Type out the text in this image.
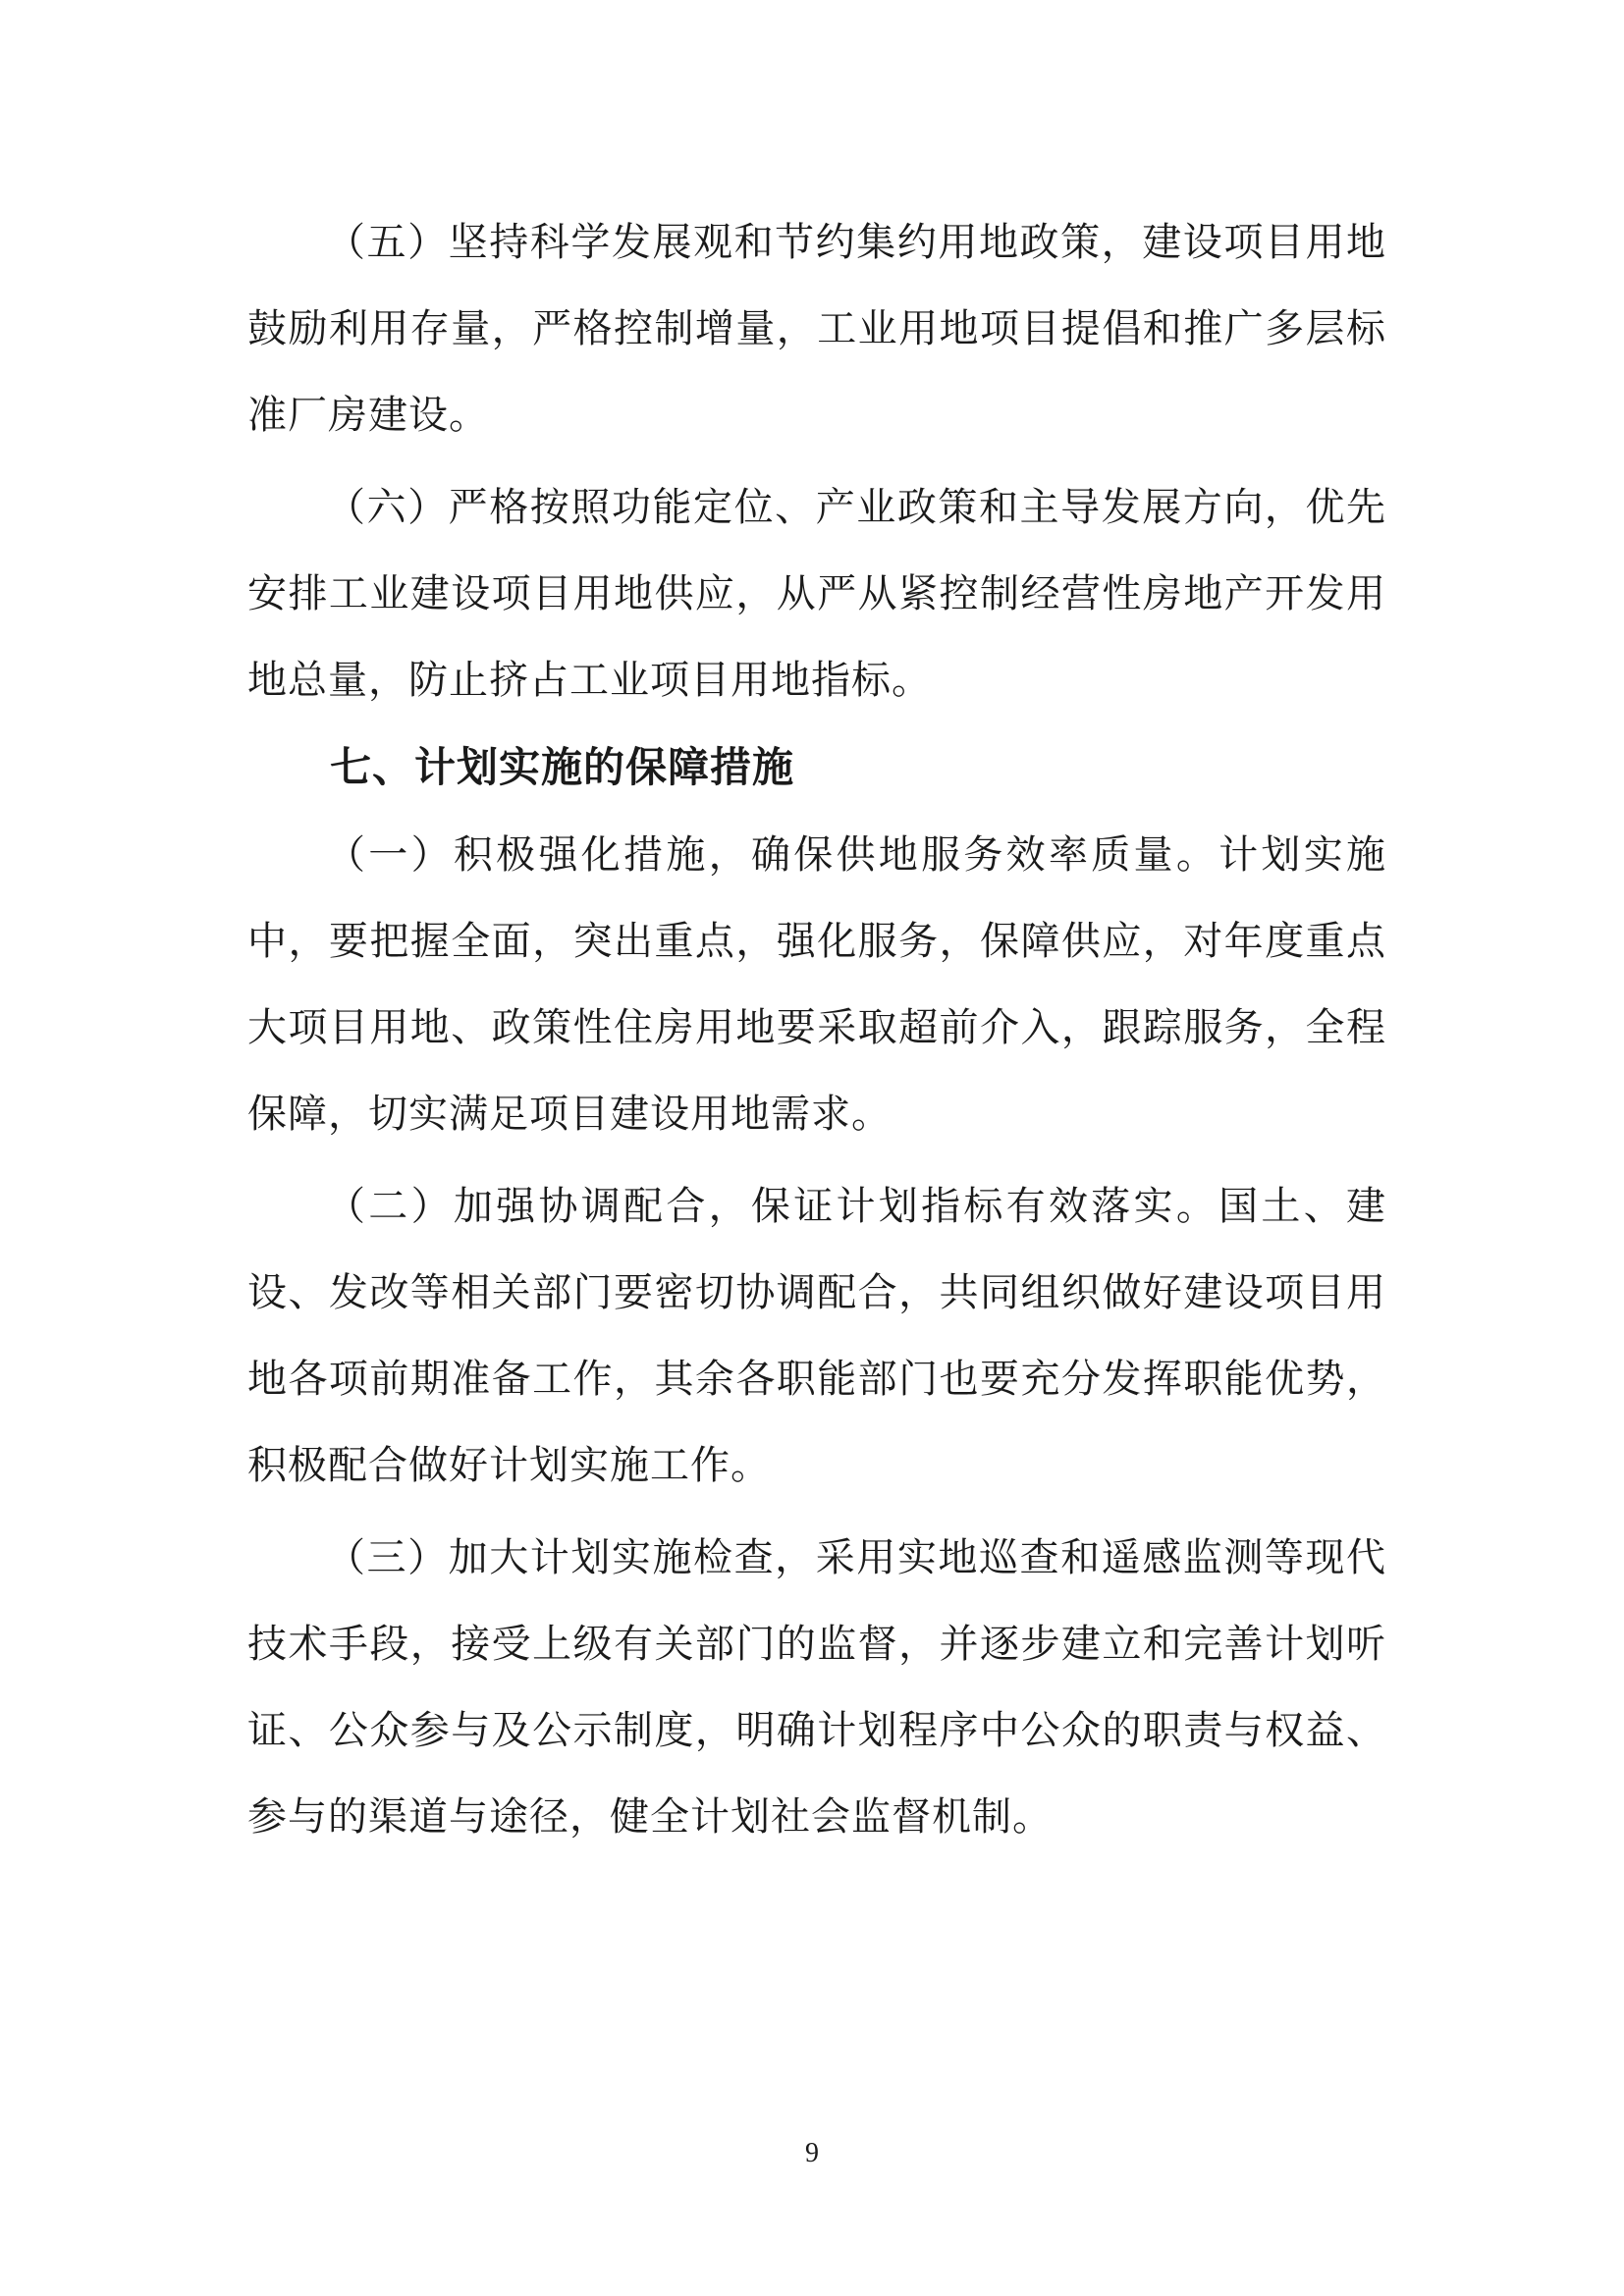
（五）坚持科学发展观和节约集约用地政策，建设项目用地鼓励利用存量，严格控制增量，工业用地项目提倡和推广多层标准厂房建设。

（六）严格按照功能定位、产业政策和主导发展方向，优先安排工业建设项目用地供应，从严从紧控制经营性房地产开发用地总量，防止挤占工业项目用地指标。

七、计划实施的保障措施

（一）积极强化措施，确保供地服务效率质量。计划实施中，要把握全面，突出重点，强化服务，保障供应，对年度重点大项目用地、政策性住房用地要采取超前介入，跟踪服务，全程保障，切实满足项目建设用地需求。

（二）加强协调配合，保证计划指标有效落实。国土、建设、发改等相关部门要密切协调配合，共同组织做好建设项目用地各项前期准备工作，其余各职能部门也要充分发挥职能优势，积极配合做好计划实施工作。

（三）加大计划实施检查，采用实地巡查和遥感监测等现代技术手段，接受上级有关部门的监督，并逐步建立和完善计划听证、公众参与及公示制度，明确计划程序中公众的职责与权益、参与的渠道与途径，健全计划社会监督机制。

9
